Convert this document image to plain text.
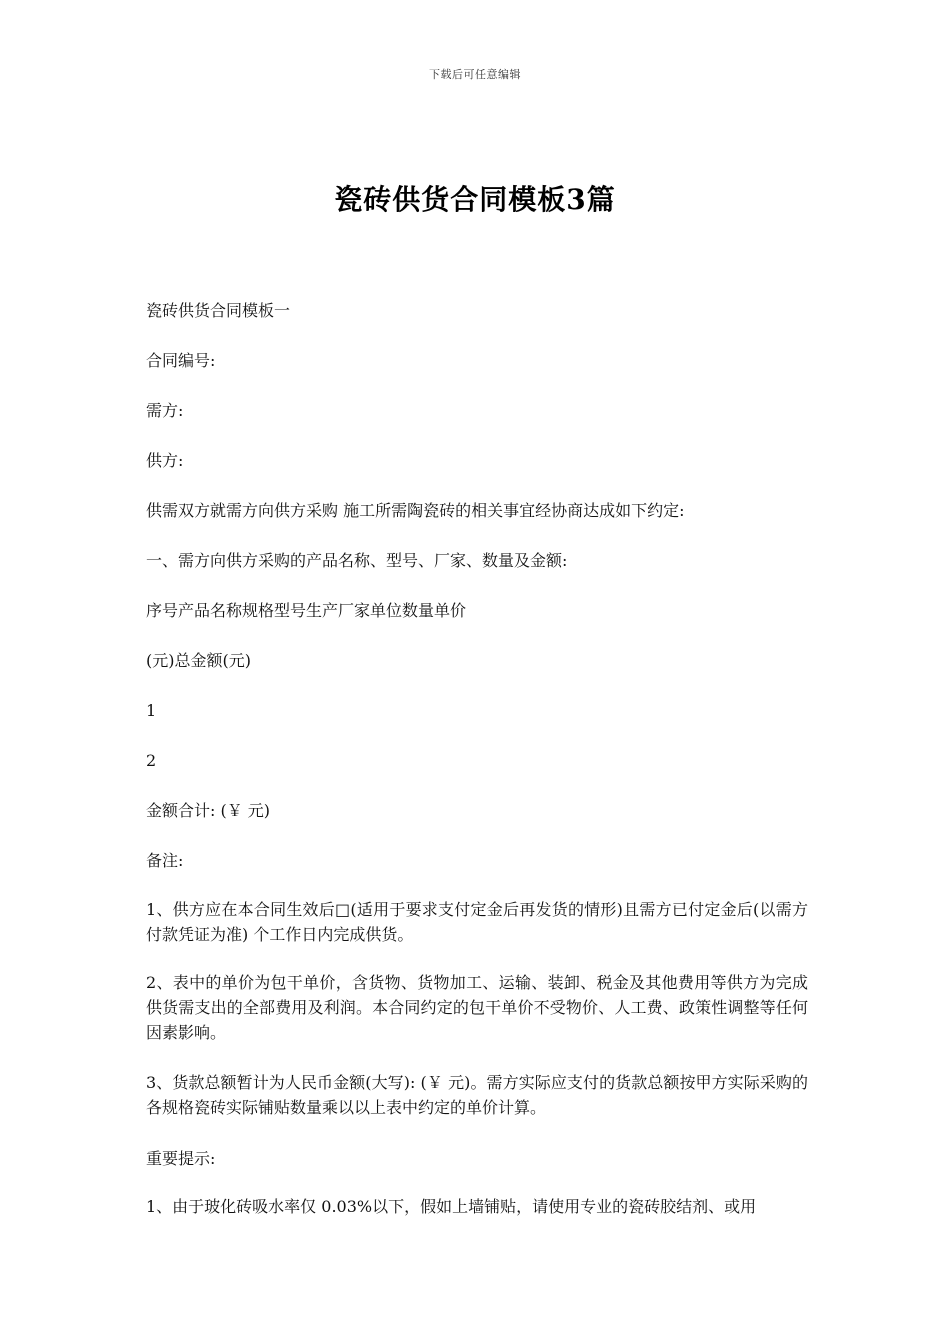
下载后可任意编辑
瓷砖供货合同模板3篇
瓷砖供货合同模板一
合同编号:
需方:
供方:
供需双方就需方向供方采购 施工所需陶瓷砖的相关事宜经协商达成如下约定:
一、需方向供方采购的产品名称、型号、厂家、数量及金额:
序号产品名称规格型号生产厂家单位数量单价
(元)总金额(元)
1
2
金额合计: (￥ 元)
备注:
1、供方应在本合同生效后□(适用于要求支付定金后再发货的情形)且需方已付定金后(以需方付款凭证为准) 个工作日内完成供货。
2、表中的单价为包干单价，含货物、货物加工、运输、装卸、税金及其他费用等供方为完成供货需支出的全部费用及利润。本合同约定的包干单价不受物价、人工费、政策性调整等任何因素影响。
3、货款总额暂计为人民币金额(大写): (￥ 元)。需方实际应支付的货款总额按甲方实际采购的各规格瓷砖实际铺贴数量乘以以上表中约定的单价计算。
重要提示:
1、由于玻化砖吸水率仅 0.03%以下，假如上墙铺贴，请使用专业的瓷砖胶结剂、或用
